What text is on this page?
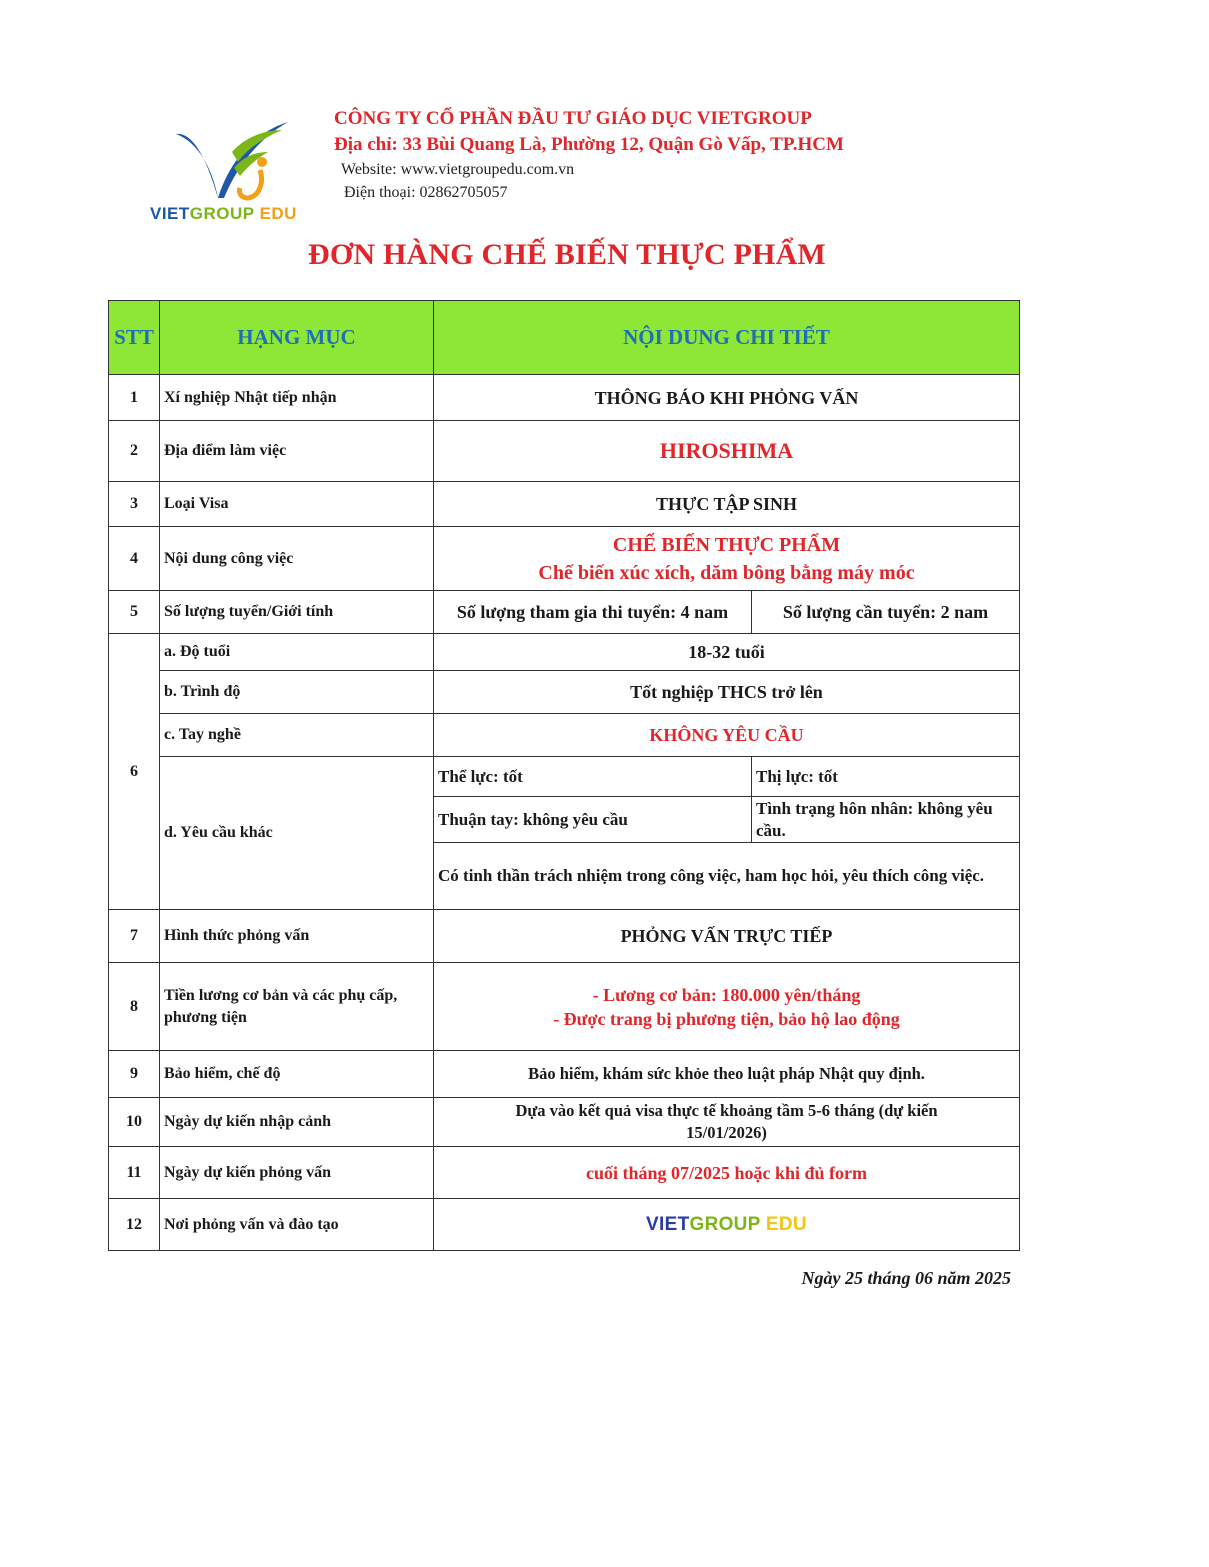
VIETGROUP EDU
CÔNG TY CỔ PHẦN ĐẦU TƯ GIÁO DỤC VIETGROUP
Địa chỉ: 33 Bùi Quang Là, Phường 12, Quận Gò Vấp, TP.HCM
Website: www.vietgroupedu.com.vn
Điện thoại: 02862705057
ĐƠN HÀNG CHẾ BIẾN THỰC PHẨM
STT	HẠNG MỤC	NỘI DUNG CHI TIẾT	
1	Xí nghiệp Nhật tiếp nhận	THÔNG BÁO KHI PHỎNG VẤN	
2	Địa điểm làm việc	HIROSHIMA	
3	Loại Visa	THỰC TẬP SINH	
4	Nội dung công việc	CHẾ BIẾN THỰC PHẨM
Chế biến xúc xích, dăm bông bằng máy móc	

5	Số lượng tuyển/Giới tính	Số lượng tham gia thi tuyển: 4 nam	Số lượng cần tuyển: 2 nam
6	a. Độ tuổi	18-32 tuổi	
	b. Trình độ	Tốt nghiệp THCS trở lên	
	c. Tay nghề	KHÔNG YÊU CẦU	
	d. Yêu cầu khác	Thể lực: tốt	Thị lực: tốt
		Thuận tay: không yêu cầu	Tình trạng hôn nhân: không yêu cầu.
		Có tinh thần trách nhiệm trong công việc, ham học hỏi, yêu thích công việc.	
7	Hình thức phỏng vấn	PHỎNG VẤN TRỰC TIẾP	
8	Tiền lương cơ bản và các phụ cấp, phương tiện	- Lương cơ bản: 180.000 yên/tháng
- Được trang bị phương tiện, bảo hộ lao động	

9	Bảo hiểm, chế độ	Bảo hiểm, khám sức khỏe theo luật pháp Nhật quy định.	
10	Ngày dự kiến nhập cảnh	Dựa vào kết quả visa thực tế khoảng tầm 5-6 tháng (dự kiến 15/01/2026)	
11	Ngày dự kiến phỏng vấn	cuối tháng 07/2025 hoặc khi đủ form	
12	Nơi phỏng vấn và đào tạo	VIETGROUP EDU	
Ngày 25 tháng 06 năm 2025
